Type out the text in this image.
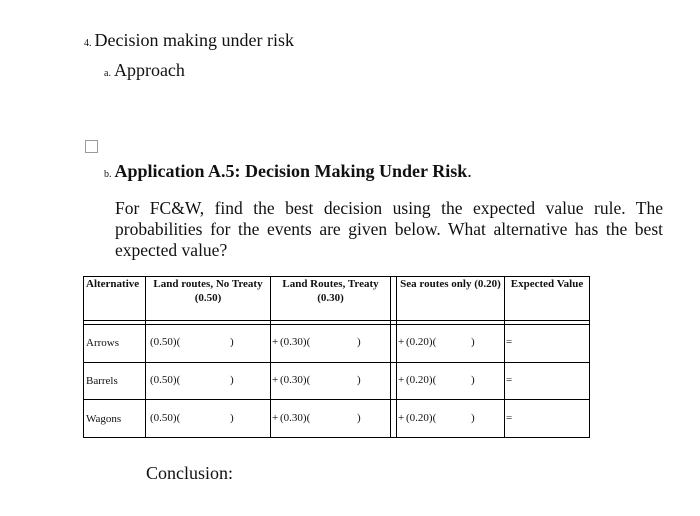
4. Decision making under risk
a. Approach
b. Application A.5: Decision Making Under Risk.
For FC&W, find the best decision using the expected value rule. The probabilities for the events are given below. What alternative has the best expected value?
Alternative	Land routes, No Treaty (0.50)	Land Routes, Treaty (0.30)		Sea routes only (0.20)	Expected Value

Arrows	(0.50)( )	+ (0.30)( )		+ (0.20)( )	=

Barrels	(0.50)( )	+ (0.30)( )		+ (0.20)( )	=

Wagons	(0.50)( )	+ (0.30)( )		+ (0.20)( )	=
Conclusion:
